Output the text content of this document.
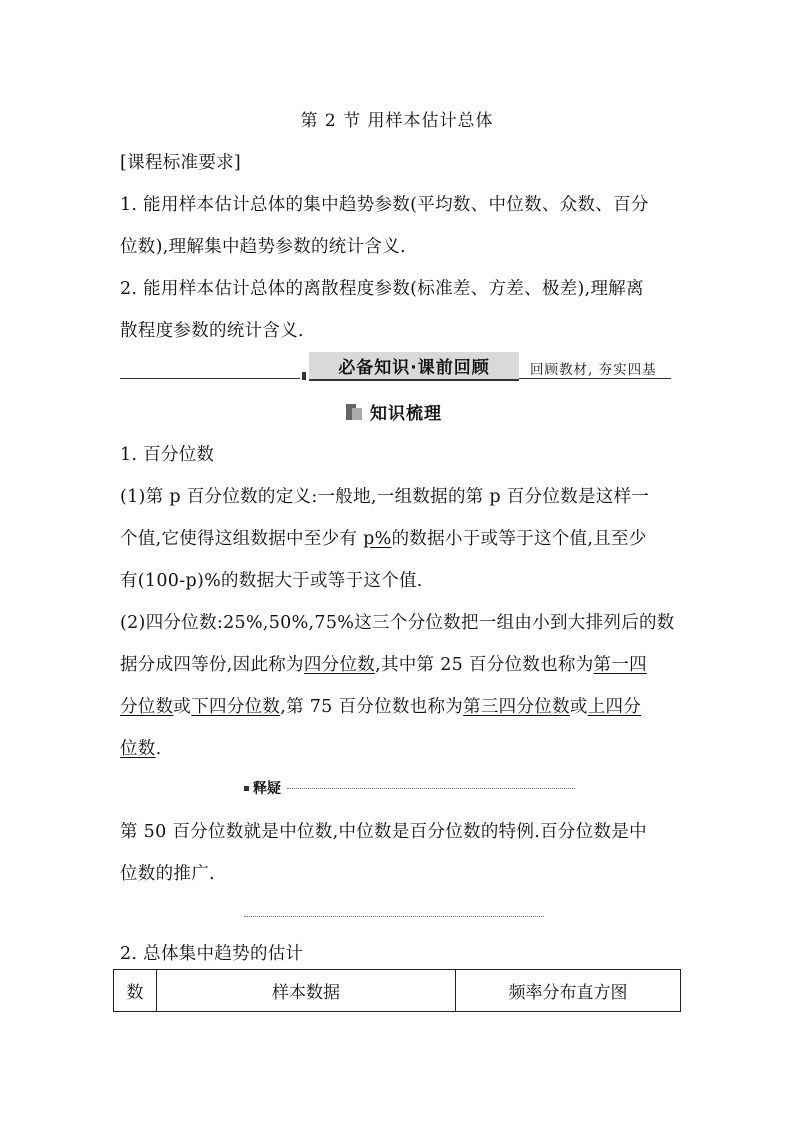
第 2 节 用样本估计总体
[课程标准要求]
1. 能用样本估计总体的集中趋势参数(平均数、中位数、众数、百分
位数),理解集中趋势参数的统计含义.
2. 能用样本估计总体的离散程度参数(标准差、方差、极差),理解离
散程度参数的统计含义.
必备知识·课前回顾	回顾教材, 夯实四基
知识梳理
1. 百分位数
(1)第 p 百分位数的定义:一般地,一组数据的第 p 百分位数是这样一
个值,它使得这组数据中至少有 p%的数据小于或等于这个值,且至少
有(100-p)%的数据大于或等于这个值.
(2)四分位数:25%,50%,75%这三个分位数把一组由小到大排列后的数
据分成四等份,因此称为四分位数,其中第 25 百分位数也称为第一四
分位数或下四分位数,第 75 百分位数也称为第三四分位数或上四分
位数.
释疑
第 50 百分位数就是中位数,中位数是百分位数的特例.百分位数是中
位数的推广.
2. 总体集中趋势的估计
数	样本数据	频率分布直方图
